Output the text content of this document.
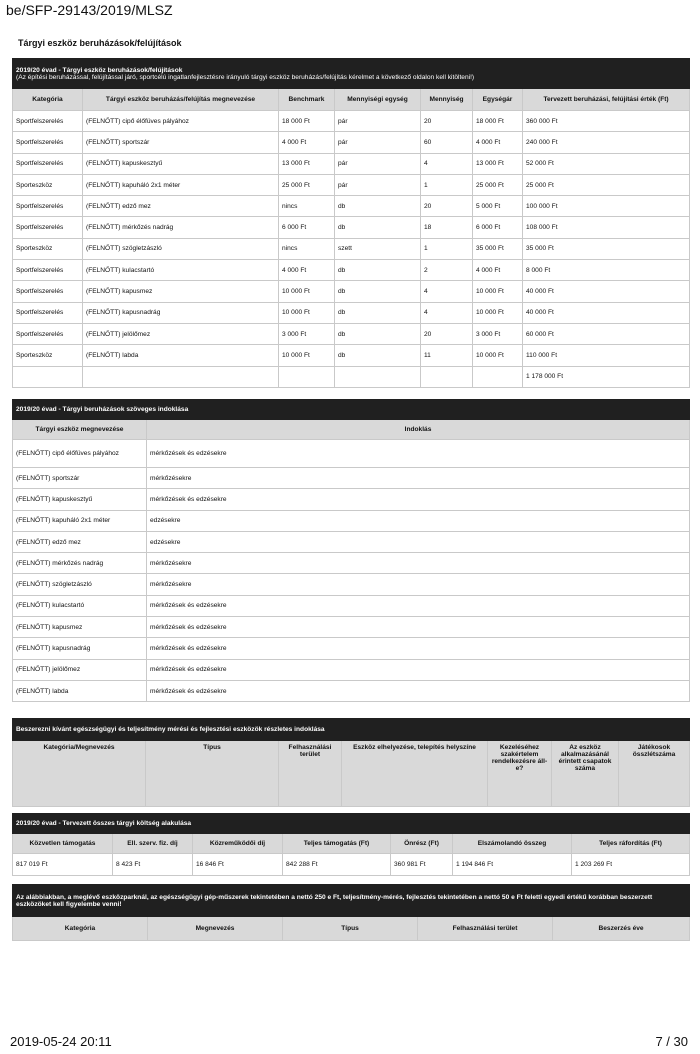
be/SFP-29143/2019/MLSZ
Tárgyi eszköz beruházások/felújítások
2019/20 évad - Tárgyi eszköz beruházások/felújítások
(Az építési beruházással, felújítással járó, sportcélú ingatlanfejlesztésre irányuló tárgyi eszköz beruházás/felújítás kérelmet a következő oldalon kell kitölteni!)						

Kategória	Tárgyi eszköz beruházás/felújítás megnevezése	Benchmark	Mennyiségi egység	Mennyiség	Egységár	Tervezett beruházási, felújítási érték (Ft)
Sportfelszerelés	(FELNŐTT) cipő élőfüves pályához	18 000 Ft	pár	20	18 000 Ft	360 000 Ft
Sportfelszerelés	(FELNŐTT) sportszár	4 000 Ft	pár	60	4 000 Ft	240 000 Ft
Sportfelszerelés	(FELNŐTT) kapuskesztyű	13 000 Ft	pár	4	13 000 Ft	52 000 Ft
Sporteszköz	(FELNŐTT) kapuháló 2x1 méter	25 000 Ft	pár	1	25 000 Ft	25 000 Ft
Sportfelszerelés	(FELNŐTT) edző mez	nincs	db	20	5 000 Ft	100 000 Ft
Sportfelszerelés	(FELNŐTT) mérkőzés nadrág	6 000 Ft	db	18	6 000 Ft	108 000 Ft
Sporteszköz	(FELNŐTT) szögletzászló	nincs	szett	1	35 000 Ft	35 000 Ft
Sportfelszerelés	(FELNŐTT) kulacstartó	4 000 Ft	db	2	4 000 Ft	8 000 Ft
Sportfelszerelés	(FELNŐTT) kapusmez	10 000 Ft	db	4	10 000 Ft	40 000 Ft
Sportfelszerelés	(FELNŐTT) kapusnadrág	10 000 Ft	db	4	10 000 Ft	40 000 Ft
Sportfelszerelés	(FELNŐTT) jelölőmez	3 000 Ft	db	20	3 000 Ft	60 000 Ft
Sporteszköz	(FELNŐTT) labda	10 000 Ft	db	11	10 000 Ft	110 000 Ft
						1 178 000 Ft
2019/20 évad - Tárgyi beruházások szöveges indoklása	
Tárgyi eszköz megnevezése	Indoklás
(FELNŐTT) cipő élőfüves pályához	mérkőzések és edzésekre
(FELNŐTT) sportszár	mérkőzésekre
(FELNŐTT) kapuskesztyű	mérkőzések és edzésekre
(FELNŐTT) kapuháló 2x1 méter	edzésekre
(FELNŐTT) edző mez	edzésekre
(FELNŐTT) mérkőzés nadrág	mérkőzésekre
(FELNŐTT) szögletzászló	mérkőzésekre
(FELNŐTT) kulacstartó	mérkőzések és edzésekre
(FELNŐTT) kapusmez	mérkőzések és edzésekre
(FELNŐTT) kapusnadrág	mérkőzések és edzésekre
(FELNŐTT) jelölőmez	mérkőzések és edzésekre
(FELNŐTT) labda	mérkőzések és edzésekre
Beszerezni kívánt egészségügyi és teljesítmény mérési és fejlesztési eszközök részletes indoklása
Kategória/Megnevezés	Típus	Felhasználási terület	Eszköz elhelyezése, telepítés helyszíne	Kezeléséhez szakértelem rendelkezésre áll-e?	Az eszköz alkalmazásánál érintett csapatok száma	Játékosok összlétszáma
2019/20 évad - Tervezett összes tárgyi költség alakulása						
Közvetlen támogatás	Ell. szerv. fiz. díj	Közreműködői díj	Teljes támogatás (Ft)	Önrész (Ft)	Elszámolandó összeg	Teljes ráfordítás (Ft)
817 019 Ft	8 423 Ft	16 846 Ft	842 288 Ft	360 981 Ft	1 194 846 Ft	1 203 269 Ft
Az alábbiakban, a meglévő eszközparknál, az egészségügyi gép-műszerek tekintetében a nettó 250 e Ft, teljesítmény-mérés, fejlesztés tekintetében a nettó 50 e Ft feletti egyedi értékű korábban beszerzett eszközöket kell figyelembe venni!
Kategória	Megnevezés	Típus	Felhasználási terület	Beszerzés éve
2019-05-24 20:11	7 / 30
